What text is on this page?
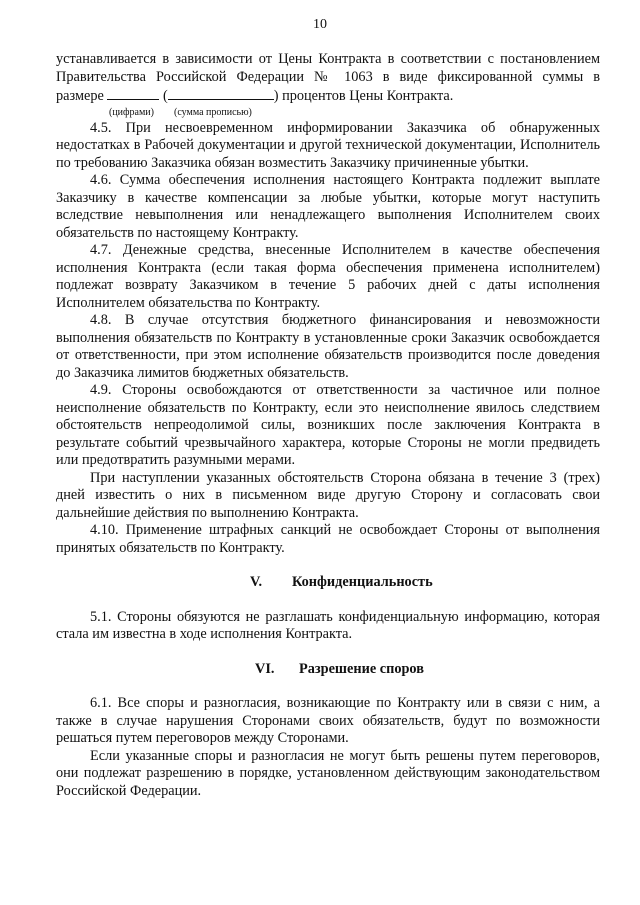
10

устанавливается в зависимости от Цены Контракта в соответствии с постановлением

Правительства Российской Федерации № 1063 в виде фиксированной суммы в

размере	(	) процентов Цены Контракта.

(цифрами) (сумма прописью)

4.5. При несвоевременном информировании Заказчика об обнаруженных недостатках в Рабочей документации и другой технической документации, Исполнитель по требованию Заказчика обязан возместить Заказчику причиненные убытки.

4.6. Сумма обеспечения исполнения настоящего Контракта подлежит выплате Заказчику в качестве компенсации за любые убытки, которые могут наступить вследствие невыполнения или ненадлежащего выполнения Исполнителем своих обязательств по настоящему Контракту.

4.7. Денежные средства, внесенные Исполнителем в качестве обеспечения исполнения Контракта (если такая форма обеспечения применена исполнителем) подлежат возврату Заказчиком в течение 5 рабочих дней с даты исполнения Исполнителем обязательства по Контракту.

4.8. В случае отсутствия бюджетного финансирования и невозможности выполнения обязательств по Контракту в установленные сроки Заказчик освобождается от ответственности, при этом исполнение обязательств производится после доведения до Заказчика лимитов бюджетных обязательств.

4.9. Стороны освобождаются от ответственности за частичное или полное неисполнение обязательств по Контракту, если это неисполнение явилось следствием обстоятельств непреодолимой силы, возникших после заключения Контракта в результате событий чрезвычайного характера, которые Стороны не могли предвидеть или предотвратить разумными мерами.

При наступлении указанных обстоятельств Сторона обязана в течение 3 (трех) дней известить о них в письменном виде другую Сторону и согласовать свои дальнейшие действия по выполнению Контракта.

4.10. Применение штрафных санкций не освобождает Стороны от выполнения принятых обязательств по Контракту.

V. Конфиденциальность

5.1. Стороны обязуются не разглашать конфиденциальную информацию, которая стала им известна в ходе исполнения Контракта.

VI. Разрешение споров

6.1. Все споры и разногласия, возникающие по Контракту или в связи с ним, а также в случае нарушения Сторонами своих обязательств, будут по возможности решаться путем переговоров между Сторонами.

Если указанные споры и разногласия не могут быть решены путем переговоров, они подлежат разрешению в порядке, установленном действующим законодательством Российской Федерации.
